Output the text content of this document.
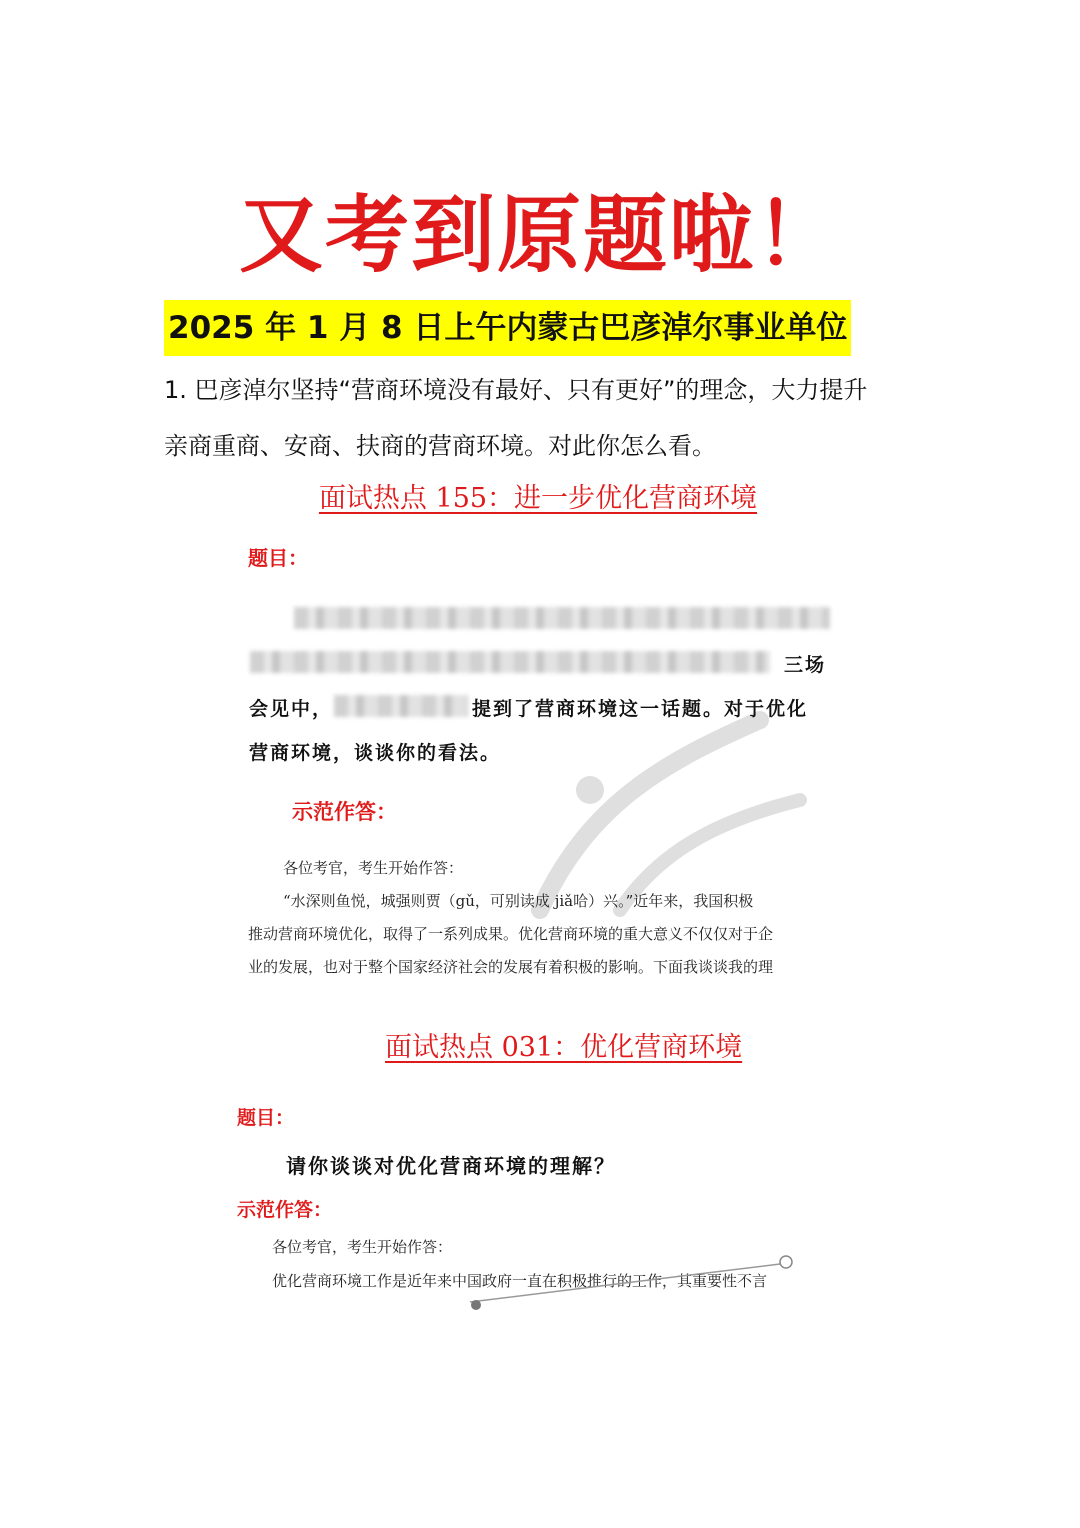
又考到原题啦！
2025 年 1 月 8 日上午内蒙古巴彦淖尔事业单位
1. 巴彦淖尔坚持“营商环境没有最好、只有更好”的理念，大力提升
亲商重商、安商、扶商的营商环境。对此你怎么看。
面试热点 155：进一步优化营商环境
题目：
三场
会见中，	提到了营商环境这一话题。对于优化
营商环境，谈谈你的看法。
示范作答：
各位考官，考生开始作答：
“水深则鱼悦，城强则贾（gǔ，可别读成 jiǎ哈）兴。”近年来，我国积极
推动营商环境优化，取得了一系列成果。优化营商环境的重大意义不仅仅对于企
业的发展，也对于整个国家经济社会的发展有着积极的影响。下面我谈谈我的理
面试热点 031：优化营商环境
题目：
请你谈谈对优化营商环境的理解？
示范作答：
各位考官，考生开始作答：
优化营商环境工作是近年来中国政府一直在积极推行的工作，其重要性不言
